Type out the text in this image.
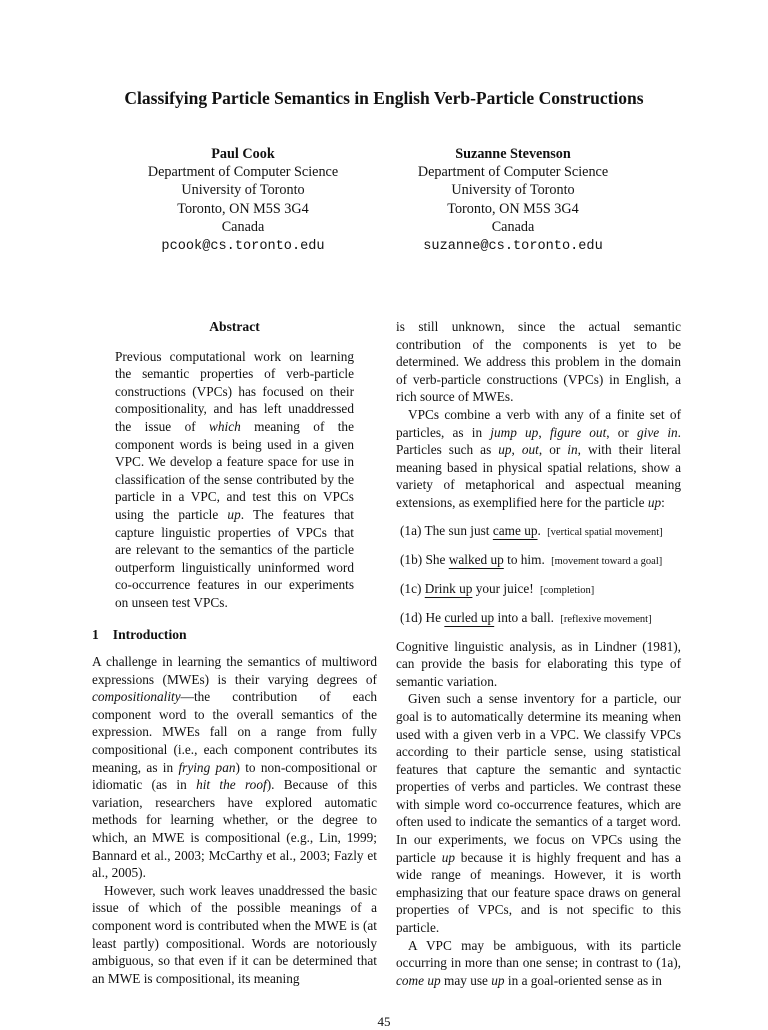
Classifying Particle Semantics in English Verb-Particle Constructions
Paul Cook
Department of Computer Science
University of Toronto
Toronto, ON M5S 3G4
Canada
pcook@cs.toronto.edu
Suzanne Stevenson
Department of Computer Science
University of Toronto
Toronto, ON M5S 3G4
Canada
suzanne@cs.toronto.edu
Abstract

Previous computational work on learning the semantic properties of verb-particle constructions (VPCs) has focused on their compositionality, and has left unaddressed the issue of which meaning of the component words is being used in a given VPC. We develop a feature space for use in classification of the sense contributed by the particle in a VPC, and test this on VPCs using the particle up. The features that capture linguistic properties of VPCs that are relevant to the semantics of the particle outperform linguistically uninformed word co-occurrence features in our experiments on unseen test VPCs.

1 Introduction

A challenge in learning the semantics of multiword expressions (MWEs) is their varying degrees of compositionality—the contribution of each component word to the overall semantics of the expression. MWEs fall on a range from fully compositional (i.e., each component contributes its meaning, as in frying pan) to non-compositional or idiomatic (as in hit the roof). Because of this variation, researchers have explored automatic methods for learning whether, or the degree to which, an MWE is compositional (e.g., Lin, 1999; Bannard et al., 2003; McCarthy et al., 2003; Fazly et al., 2005).

However, such work leaves unaddressed the basic issue of which of the possible meanings of a component word is contributed when the MWE is (at least partly) compositional. Words are notoriously ambiguous, so that even if it can be determined that an MWE is compositional, its meaning

is still unknown, since the actual semantic contribution of the components is yet to be determined. We address this problem in the domain of verb-particle constructions (VPCs) in English, a rich source of MWEs.

VPCs combine a verb with any of a finite set of particles, as in jump up, figure out, or give in. Particles such as up, out, or in, with their literal meaning based in physical spatial relations, show a variety of metaphorical and aspectual meaning extensions, as exemplified here for the particle up:

(1a) The sun just came up. [vertical spatial movement]
(1b) She walked up to him. [movement toward a goal]
(1c) Drink up your juice! [completion]
(1d) He curled up into a ball. [reflexive movement]

Cognitive linguistic analysis, as in Lindner (1981), can provide the basis for elaborating this type of semantic variation.

Given such a sense inventory for a particle, our goal is to automatically determine its meaning when used with a given verb in a VPC. We classify VPCs according to their particle sense, using statistical features that capture the semantic and syntactic properties of verbs and particles. We contrast these with simple word co-occurrence features, which are often used to indicate the semantics of a target word. In our experiments, we focus on VPCs using the particle up because it is highly frequent and has a wide range of meanings. However, it is worth emphasizing that our feature space draws on general properties of VPCs, and is not specific to this particle.

A VPC may be ambiguous, with its particle occurring in more than one sense; in contrast to (1a), come up may use up in a goal-oriented sense as in

45
